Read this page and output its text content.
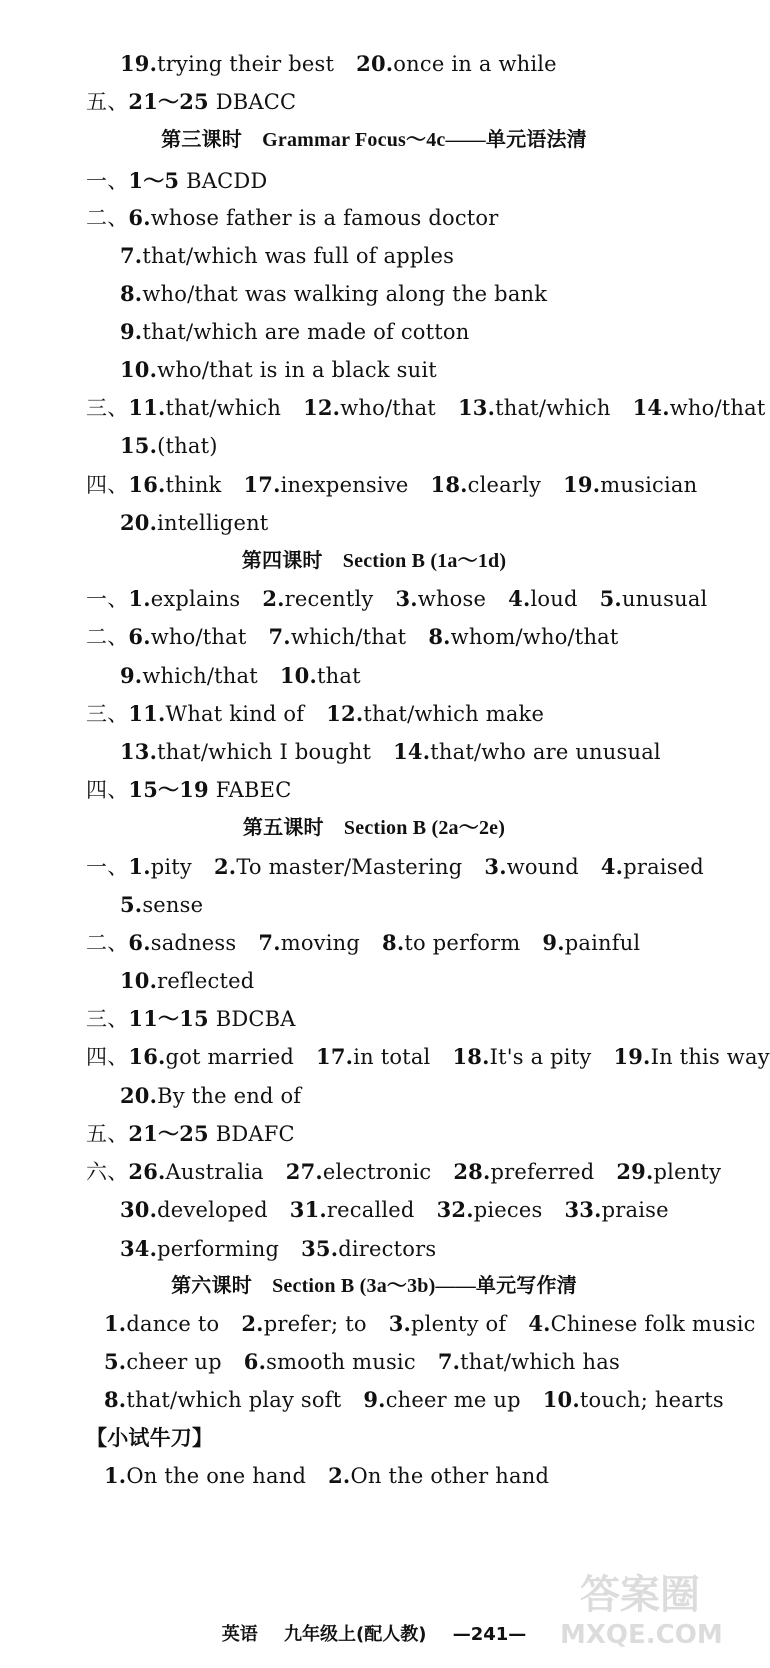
19.trying their best 20.once in a while
五、21～25 DBACC
第三课时　Grammar Focus～4c——单元语法清
一、1～5 BACDD
二、6.whose father is a famous doctor
7.that/which was full of apples
8.who/that was walking along the bank
9.that/which are made of cotton
10.who/that is in a black suit
三、11.that/which 12.who/that 13.that/which 14.who/that
15.(that)
四、16.think 17.inexpensive 18.clearly 19.musician
20.intelligent
第四课时　Section B (1a～1d)
一、1.explains 2.recently 3.whose 4.loud 5.unusual
二、6.who/that 7.which/that 8.whom/who/that
9.which/that 10.that
三、11.What kind of 12.that/which make
13.that/which I bought 14.that/who are unusual
四、15～19 FABEC
第五课时　Section B (2a～2e)
一、1.pity 2.To master/Mastering 3.wound 4.praised
5.sense
二、6.sadness 7.moving 8.to perform 9.painful
10.reflected
三、11～15 BDCBA
四、16.got married 17.in total 18.It's a pity 19.In this way
20.By the end of
五、21～25 BDAFC
六、26.Australia 27.electronic 28.preferred 29.plenty
30.developed 31.recalled 32.pieces 33.praise
34.performing 35.directors
第六课时　Section B (3a～3b)——单元写作清
1.dance to 2.prefer; to 3.plenty of 4.Chinese folk music
5.cheer up 6.smooth music 7.that/which has
8.that/which play soft 9.cheer me up 10.touch; hearts
【小试牛刀】
1.On the one hand 2.On the other hand
英语 九年级上(配人教) —241—
答案圈
MXQE.COM
